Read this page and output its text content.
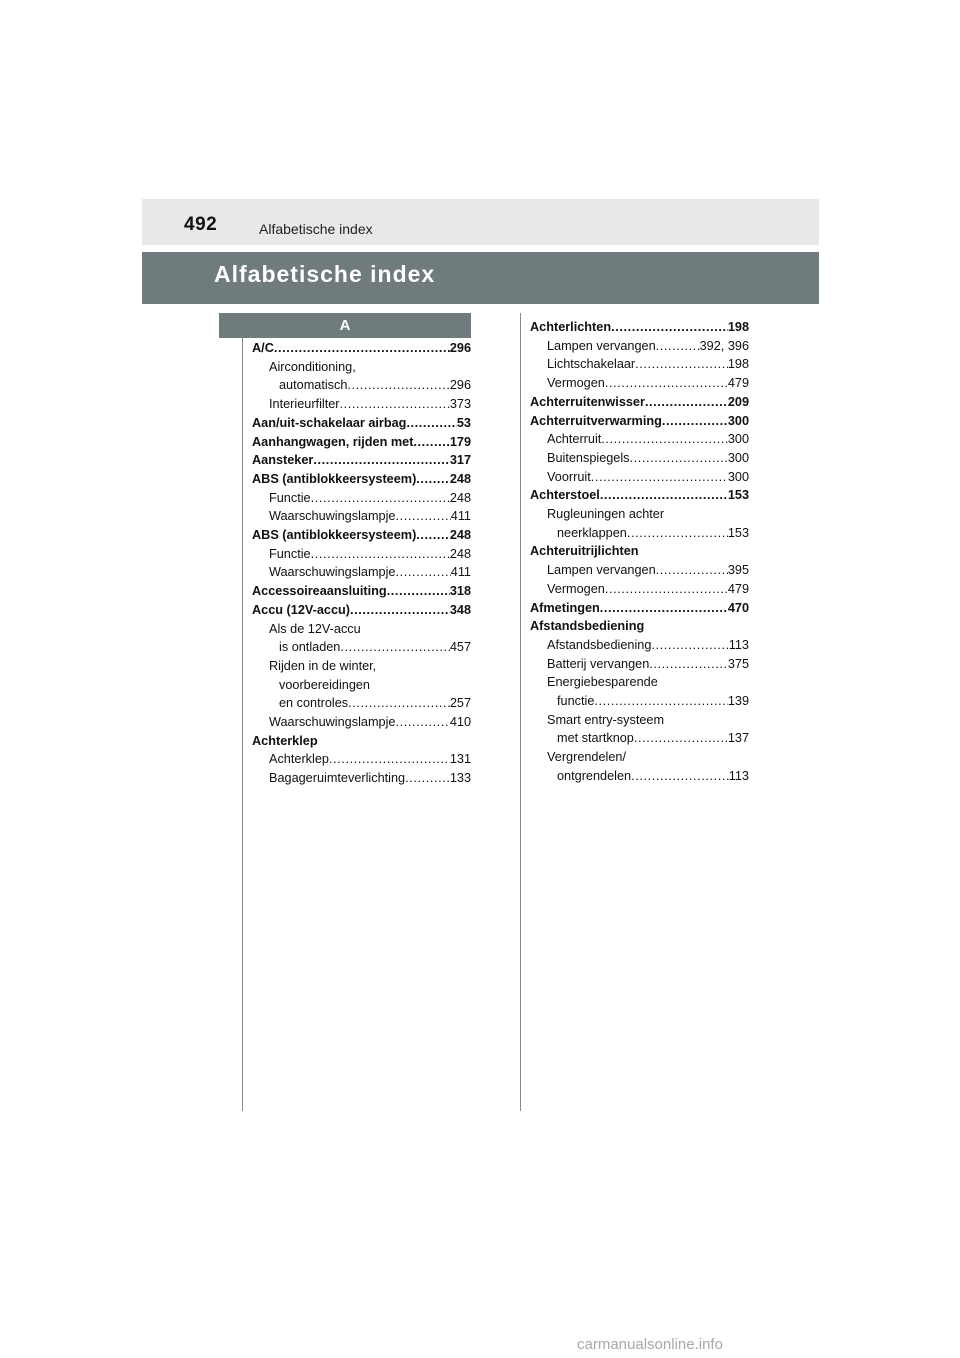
492	Alfabetische index
Alfabetische index
A
A/C .....	296
Airconditioning,
automatisch .....	296
Interieurfilter .....	373
Aan/uit-schakelaar airbag .....	53
Aanhangwagen, rijden met .....	179
Aansteker .....	317
ABS (antiblokkeersysteem) .....	248
Functie .....	248
Waarschuwingslampje .....	411
ABS (antiblokkeersysteem) .....	248
Functie .....	248
Waarschuwingslampje .....	411
Accessoireaansluiting .....	318
Accu (12V-accu) .....	348
Als de 12V-accu
is ontladen .....	457
Rijden in de winter,
voorbereidingen
en controles .....	257
Waarschuwingslampje .....	410
Achterklep
Achterklep .....	131
Bagageruimteverlichting .....	133
Achterlichten .....	198
Lampen vervangen .....	392, 396
Lichtschakelaar .....	198
Vermogen .....	479
Achterruitenwisser .....	209
Achterruitverwarming .....	300
Achterruit .....	300
Buitenspiegels .....	300
Voorruit .....	300
Achterstoel .....	153
Rugleuningen achter
neerklappen .....	153
Achteruitrijlichten
Lampen vervangen .....	395
Vermogen .....	479
Afmetingen .....	470
Afstandsbediening
Afstandsbediening .....	113
Batterij vervangen .....	375
Energiebesparende
functie .....	139
Smart entry-systeem
met startknop .....	137
Vergrendelen/
ontgrendelen .....	113
carmanualsonline.info
